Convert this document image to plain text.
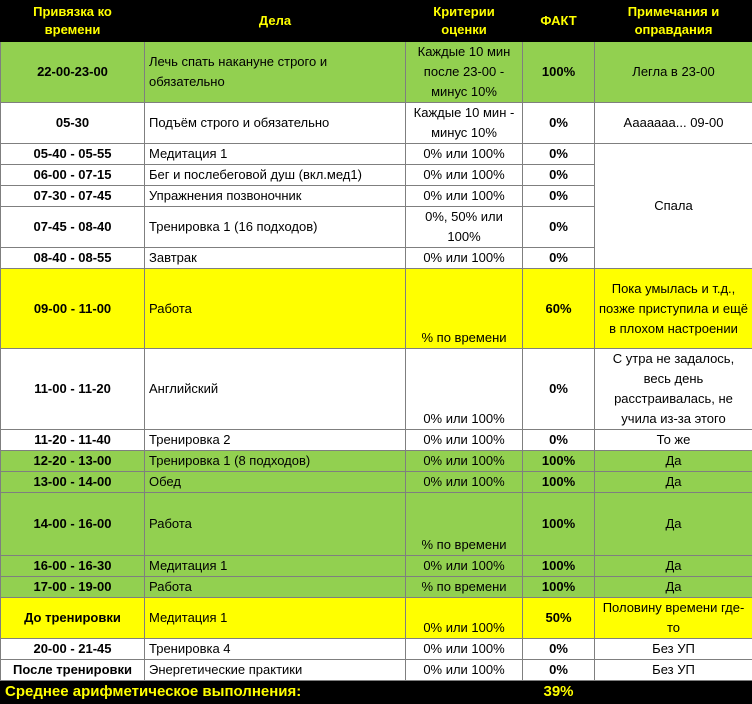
Привязка ко времени	Дела	Критерии оценки	ФАКТ	Примечания и оправдания
22-00-23-00	Лечь спать накануне строго и обязательно	Каждые 10 мин после 23-00 - минус 10%	100%	Легла в 23-00
05-30	Подъём строго и обязательно	Каждые 10 мин - минус 10%	0%	Ааааааа... 09-00
05-40 - 05-55	Медитация 1	0% или 100%	0%	Спала
06-00 - 07-15	Бег и послебеговой душ (вкл.мед1)	0% или 100%	0%	
07-30 - 07-45	Упражнения позвоночник	0% или 100%	0%	
07-45 - 08-40	Тренировка 1 (16 подходов)	0%, 50% или 100%	0%	
08-40 - 08-55	Завтрак	0% или 100%	0%	
09-00 - 11-00	Работа	% по времени	60%	Пока умылась и т.д., позже приступила и ещё в плохом настроении
11-00 - 11-20	Английский	0% или 100%	0%	С утра не задалось, весь день расстраивалась, не учила из-за этого
11-20 - 11-40	Тренировка 2	0% или 100%	0%	То же
12-20 - 13-00	Тренировка 1 (8 подходов)	0% или 100%	100%	Да
13-00 - 14-00	Обед	0% или 100%	100%	Да
14-00 - 16-00	Работа	% по времени	100%	Да
16-00 - 16-30	Медитация 1	0% или 100%	100%	Да
17-00 - 19-00	Работа	% по времени	100%	Да
До тренировки	Медитация 1	0% или 100%	50%	Половину времени где-то
20-00 - 21-45	Тренировка 4	0% или 100%	0%	Без УП
После тренировки	Энергетические практики	0% или 100%	0%	Без УП
Среднее арифметическое выполнения:			39%	
